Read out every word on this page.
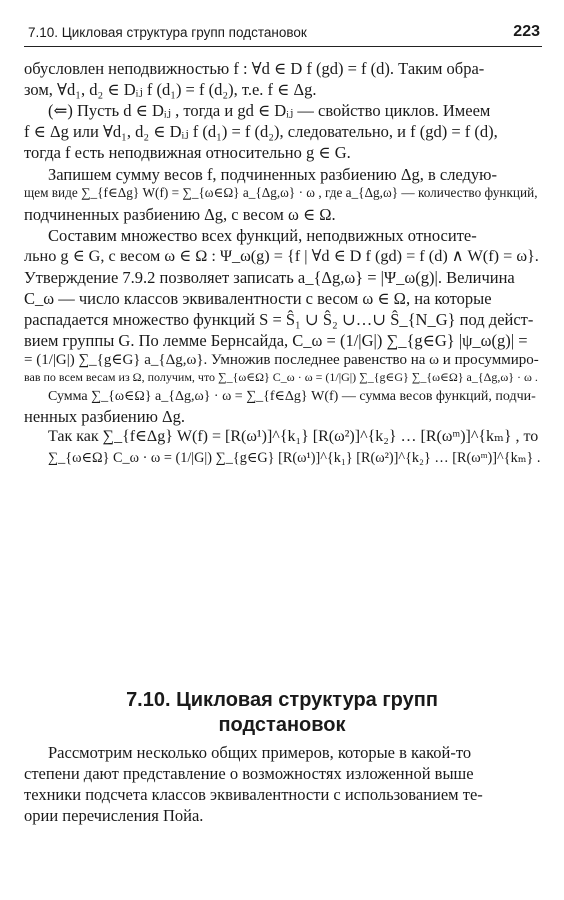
7.10. Цикловая структура групп подстановок	223
обусловлен неподвижностью f : ∀d ∈ D f (gd) = f (d). Таким обра-
зом, ∀d₁, d₂ ∈ Dᵢⱼ f (d₁) = f (d₂), т.е. f ∈ Δg.
(⇐) Пусть d ∈ Dᵢⱼ , тогда и gd ∈ Dᵢⱼ — свойство циклов. Имеем
f ∈ Δg или ∀d₁, d₂ ∈ Dᵢⱼ f (d₁) = f (d₂), следовательно, и f (gd) = f (d),
тогда f есть неподвижная относительно g ∈ G.
Запишем сумму весов f, подчиненных разбиению Δg, в следую-
щем виде ∑_{f∈Δg} W(f) = ∑_{ω∈Ω} a_{Δg,ω} · ω , где a_{Δg,ω} — количество функций,
подчиненных разбиению Δg, с весом ω ∈ Ω.
Составим множество всех функций, неподвижных относите-
льно g ∈ G, с весом ω ∈ Ω : Ψ_ω(g) = {f | ∀d ∈ D f (gd) = f (d) ∧ W(f) = ω}.
Утверждение 7.9.2 позволяет записать a_{Δg,ω} = |Ψ_ω(g)|. Величина
C_ω — число классов эквивалентности с весом ω ∈ Ω, на которые
распадается множество функций S = Ŝ₁ ∪ Ŝ₂ ∪…∪ Ŝ_{N_G} под дейст-
вием группы G. По лемме Бернсайда, C_ω = (1/|G|) ∑_{g∈G} |ψ_ω(g)| =
= (1/|G|) ∑_{g∈G} a_{Δg,ω}. Умножив последнее равенство на ω и просуммиро-
вав по всем весам из Ω, получим, что ∑_{ω∈Ω} C_ω · ω = (1/|G|) ∑_{g∈G} ∑_{ω∈Ω} a_{Δg,ω} · ω .
Сумма ∑_{ω∈Ω} a_{Δg,ω} · ω = ∑_{f∈Δg} W(f) — сумма весов функций, подчи-
ненных разбиению Δg.
Так как ∑_{f∈Δg} W(f) = [R(ω¹)]^{k₁} [R(ω²)]^{k₂} … [R(ωᵐ)]^{kₘ} , то
∑_{ω∈Ω} C_ω · ω = (1/|G|) ∑_{g∈G} [R(ω¹)]^{k₁} [R(ω²)]^{k₂} … [R(ωᵐ)]^{kₘ} .
7.10. Цикловая структура групп
подстановок
Рассмотрим несколько общих примеров, которые в какой-то
степени дают представление о возможностях изложенной выше
техники подсчета классов эквивалентности с использованием те-
ории перечисления Пойа.
